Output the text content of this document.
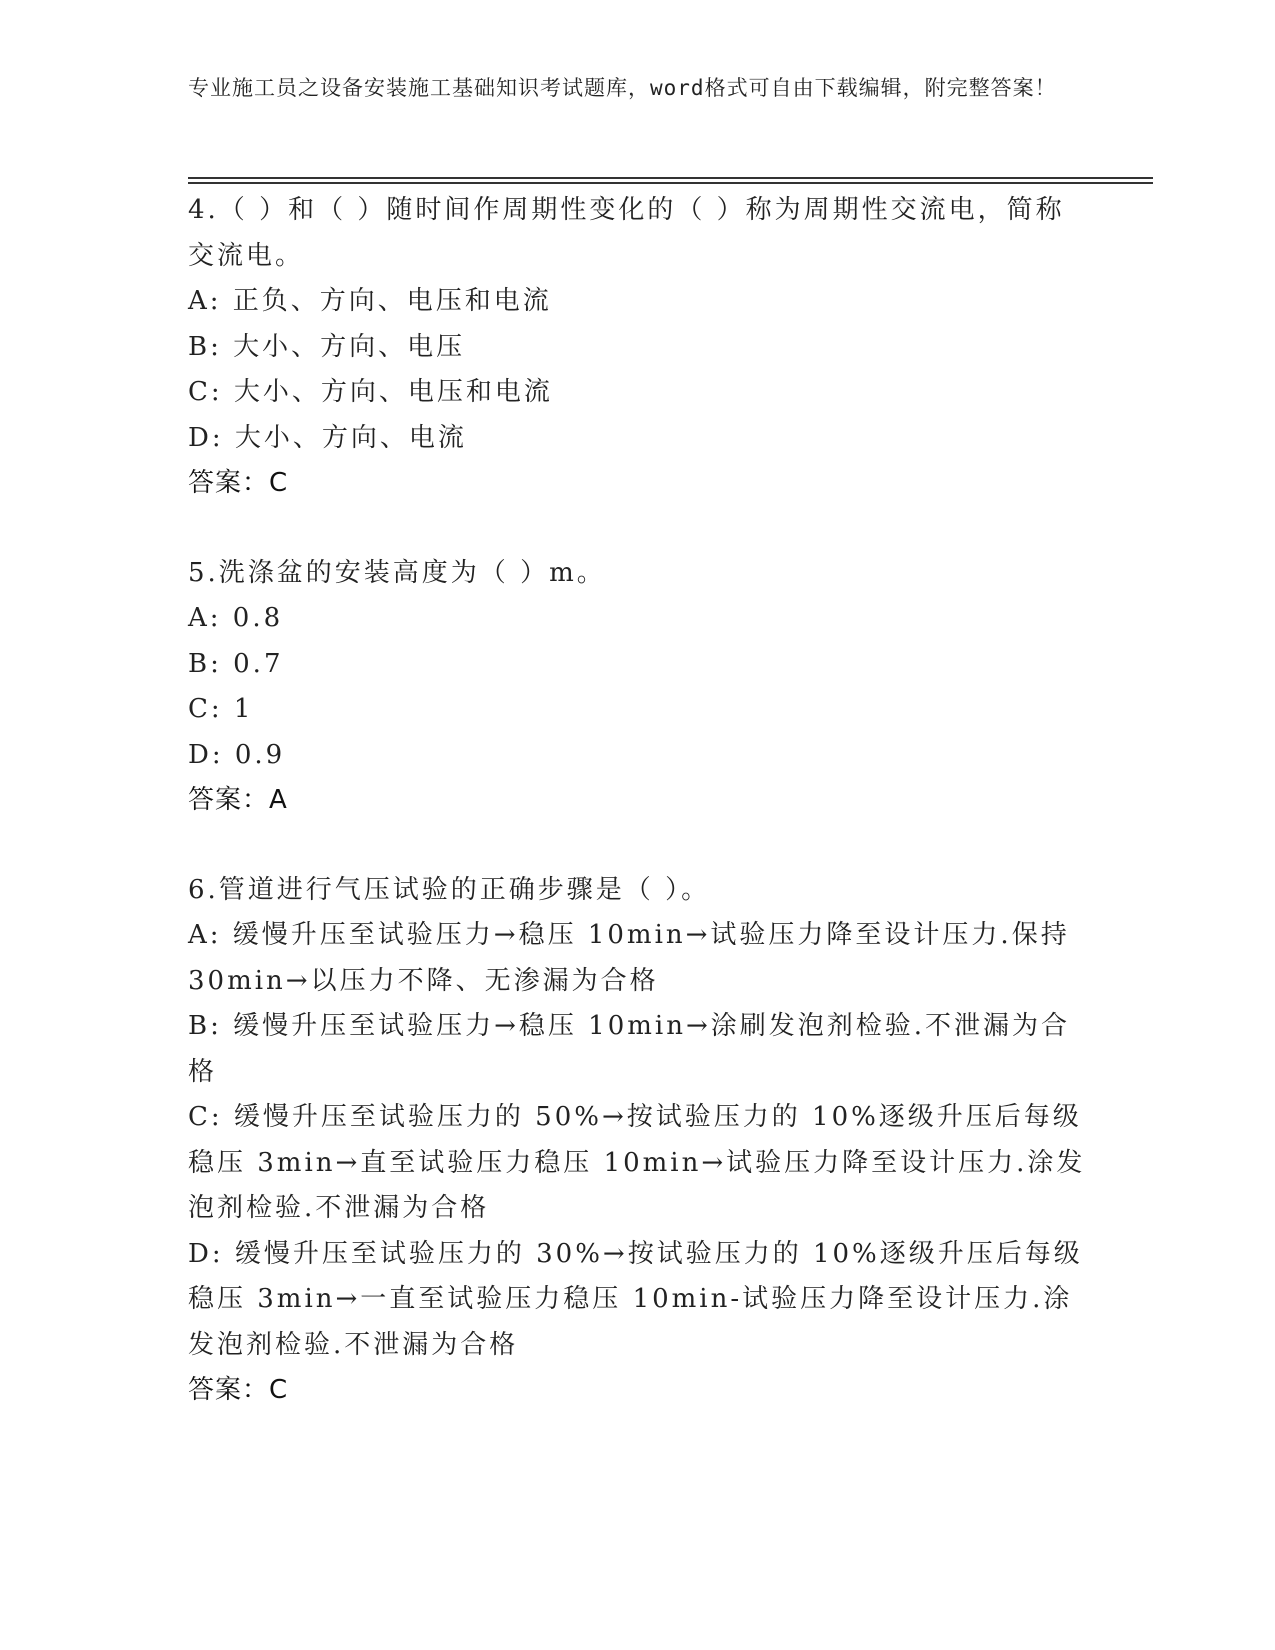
专业施工员之设备安装施工基础知识考试题库，word格式可自由下载编辑，附完整答案！

4.（ ）和（ ）随时间作周期性变化的（ ）称为周期性交流电，简称交流电。

A: 正负、方向、电压和电流

B: 大小、方向、电压

C: 大小、方向、电压和电流

D: 大小、方向、电流

答案：C

5.洗涤盆的安装高度为（ ）m。

A: 0.8

B: 0.7

C: 1

D: 0.9

答案：A

6.管道进行气压试验的正确步骤是（ ）。

A: 缓慢升压至试验压力→稳压 10min→试验压力降至设计压力.保持30min→以压力不降、无渗漏为合格

B: 缓慢升压至试验压力→稳压 10min→涂刷发泡剂检验.不泄漏为合格

C: 缓慢升压至试验压力的 50%→按试验压力的 10%逐级升压后每级稳压 3min→直至试验压力稳压 10min→试验压力降至设计压力.涂发泡剂检验.不泄漏为合格

D: 缓慢升压至试验压力的 30%→按试验压力的 10%逐级升压后每级稳压 3min→一直至试验压力稳压 10min-试验压力降至设计压力.涂发泡剂检验.不泄漏为合格

答案：C
